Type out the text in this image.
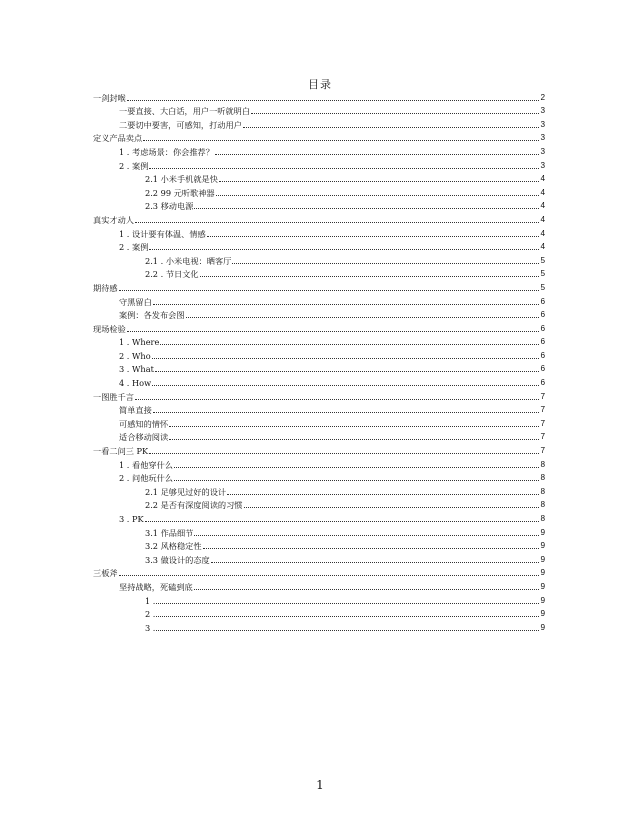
目录
一剑封喉	2
一要直接、大白话，用户一听就明白	3
二要切中要害，可感知，打动用户	3
定义产品卖点	3
1 . 考虑场景：你会推荐？	3
2 . 案例	3
2.1 小米手机就是快	4
2.2 99 元听歌神器	4
2.3 移动电源	4
真实才动人	4
1 . 设计要有体温、情感	4
2 . 案例	4
2.1 . 小米电视：晒客厅	5
2.2 . 节日文化	5
期待感	5
守黑留白	6
案例：各发布会图	6
现场检验	6
1 . Where	6
2 . Who	6
3 . What	6
4 . How	6
一图胜千言	7
简单直接	7
可感知的情怀	7
适合移动阅读	7
一看二问三 PK	7
1 . 看他穿什么	8
2 . 问他玩什么	8
2.1 足够见过好的设计	8
2.2 是否有深度阅读的习惯	8
3 . PK	8
3.1 作品细节	9
3.2 风格稳定性	9
3.3 做设计的态度	9
三板斧	9
坚持战略，死磕到底	9
1 .	9
2 .	9
3 .	9
1
